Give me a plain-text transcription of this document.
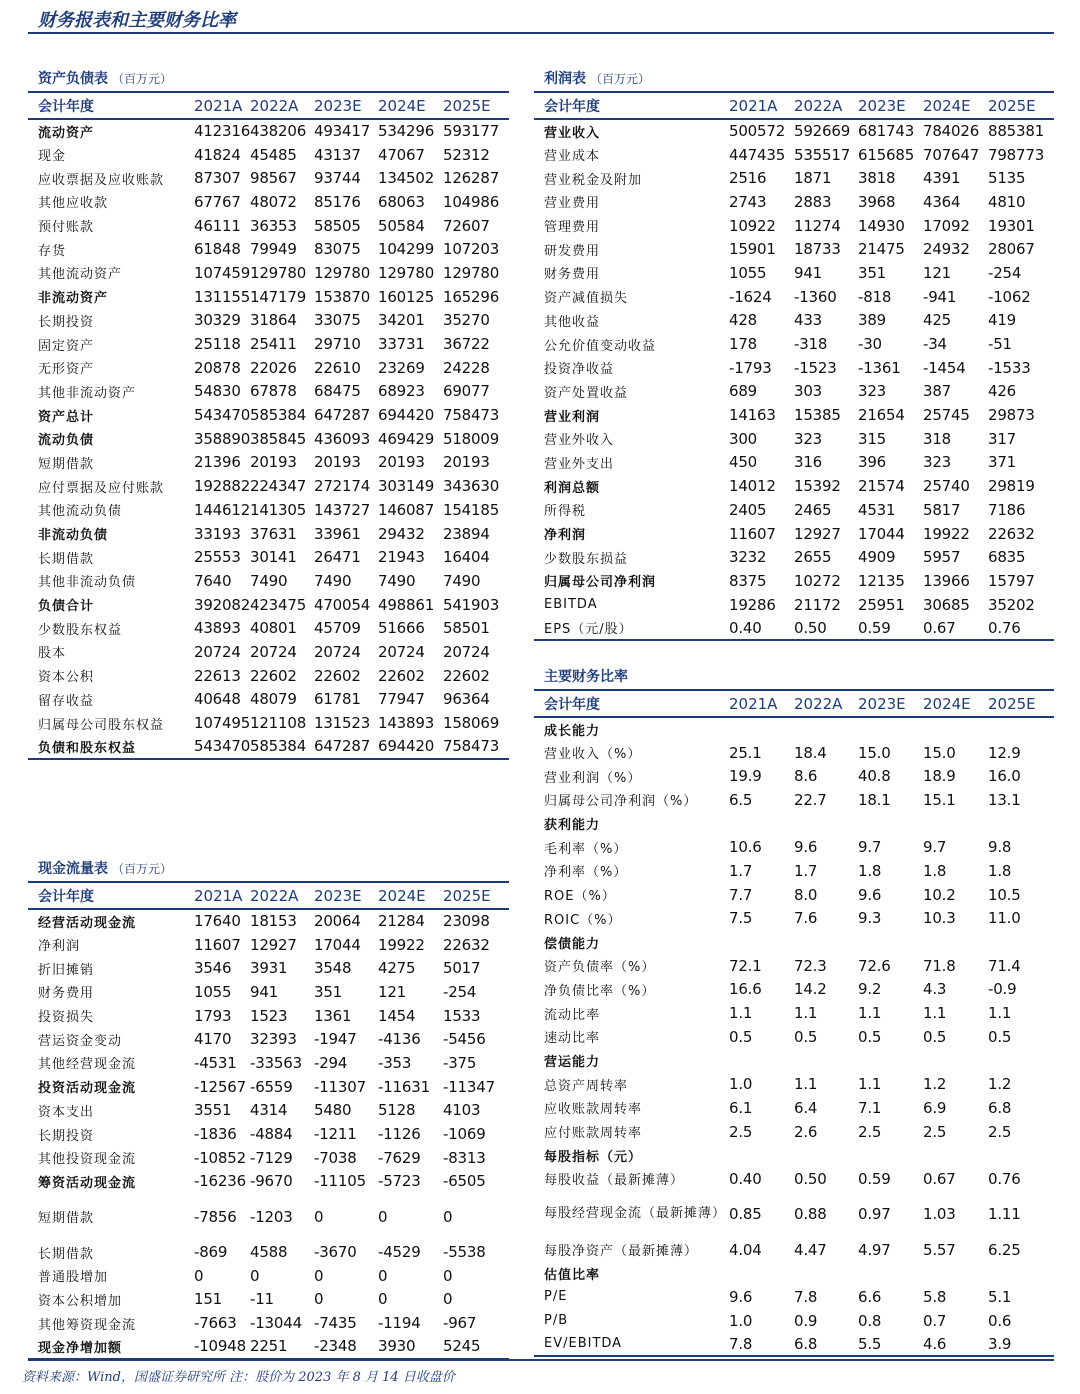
财务报表和主要财务比率
资产负债表 （百万元）
会计年度	2021A	2022A	2023E	2024E	2025E
流动资产	412316	438206	493417	534296	593177
现金	41824	45485	43137	47067	52312
应收票据及应收账款	87307	98567	93744	134502	126287
其他应收款	67767	48072	85176	68063	104986
预付账款	46111	36353	58505	50584	72607
存货	61848	79949	83075	104299	107203
其他流动资产	107459	129780	129780	129780	129780
非流动资产	131155	147179	153870	160125	165296
长期投资	30329	31864	33075	34201	35270
固定资产	25118	25411	29710	33731	36722
无形资产	20878	22026	22610	23269	24228
其他非流动资产	54830	67878	68475	68923	69077
资产总计	543470	585384	647287	694420	758473
流动负债	358890	385845	436093	469429	518009
短期借款	21396	20193	20193	20193	20193
应付票据及应付账款	192882	224347	272174	303149	343630
其他流动负债	144612	141305	143727	146087	154185
非流动负债	33193	37631	33961	29432	23894
长期借款	25553	30141	26471	21943	16404
其他非流动负债	7640	7490	7490	7490	7490
负债合计	392082	423475	470054	498861	541903
少数股东权益	43893	40801	45709	51666	58501
股本	20724	20724	20724	20724	20724
资本公积	22613	22602	22602	22602	22602
留存收益	40648	48079	61781	77947	96364
归属母公司股东权益	107495	121108	131523	143893	158069
负债和股东权益	543470	585384	647287	694420	758473
现金流量表 （百万元）
会计年度	2021A	2022A	2023E	2024E	2025E
经营活动现金流	17640	18153	20064	21284	23098
净利润	11607	12927	17044	19922	22632
折旧摊销	3546	3931	3548	4275	5017
财务费用	1055	941	351	121	-254
投资损失	1793	1523	1361	1454	1533
营运资金变动	4170	32393	-1947	-4136	-5456
其他经营现金流	-4531	-33563	-294	-353	-375
投资活动现金流	-12567	-6559	-11307	-11631	-11347
资本支出	3551	4314	5480	5128	4103
长期投资	-1836	-4884	-1211	-1126	-1069
其他投资现金流	-10852	-7129	-7038	-7629	-8313
筹资活动现金流	-16236	-9670	-11105	-5723	-6505
短期借款	-7856	-1203	0	0	0
长期借款	-869	4588	-3670	-4529	-5538
普通股增加	0	0	0	0	0
资本公积增加	151	-11	0	0	0
其他筹资现金流	-7663	-13044	-7435	-1194	-967
现金净增加额	-10948	2251	-2348	3930	5245
利润表 （百万元）
会计年度	2021A	2022A	2023E	2024E	2025E
营业收入	500572	592669	681743	784026	885381
营业成本	447435	535517	615685	707647	798773
营业税金及附加	2516	1871	3818	4391	5135
营业费用	2743	2883	3968	4364	4810
管理费用	10922	11274	14930	17092	19301
研发费用	15901	18733	21475	24932	28067
财务费用	1055	941	351	121	-254
资产减值损失	-1624	-1360	-818	-941	-1062
其他收益	428	433	389	425	419
公允价值变动收益	178	-318	-30	-34	-51
投资净收益	-1793	-1523	-1361	-1454	-1533
资产处置收益	689	303	323	387	426
营业利润	14163	15385	21654	25745	29873
营业外收入	300	323	315	318	317
营业外支出	450	316	396	323	371
利润总额	14012	15392	21574	25740	29819
所得税	2405	2465	4531	5817	7186
净利润	11607	12927	17044	19922	22632
少数股东损益	3232	2655	4909	5957	6835
归属母公司净利润	8375	10272	12135	13966	15797
EBITDA	19286	21172	25951	30685	35202
EPS（元/股）	0.40	0.50	0.59	0.67	0.76
主要财务比率
会计年度	2021A	2022A	2023E	2024E	2025E
成长能力					
营业收入（%）	25.1	18.4	15.0	15.0	12.9
营业利润（%）	19.9	8.6	40.8	18.9	16.0
归属母公司净利润（%）	6.5	22.7	18.1	15.1	13.1
获利能力					
毛利率（%）	10.6	9.6	9.7	9.7	9.8
净利率（%）	1.7	1.7	1.8	1.8	1.8
ROE（%）	7.7	8.0	9.6	10.2	10.5
ROIC（%）	7.5	7.6	9.3	10.3	11.0
偿债能力					
资产负债率（%）	72.1	72.3	72.6	71.8	71.4
净负债比率（%）	16.6	14.2	9.2	4.3	-0.9
流动比率	1.1	1.1	1.1	1.1	1.1
速动比率	0.5	0.5	0.5	0.5	0.5
营运能力					
总资产周转率	1.0	1.1	1.1	1.2	1.2
应收账款周转率	6.1	6.4	7.1	6.9	6.8
应付账款周转率	2.5	2.6	2.5	2.5	2.5
每股指标（元）					
每股收益（最新摊薄）	0.40	0.50	0.59	0.67	0.76
每股经营现金流（最新摊薄）	0.85	0.88	0.97	1.03	1.11
每股净资产（最新摊薄）	4.04	4.47	4.97	5.57	6.25
估值比率					
P/E	9.6	7.8	6.6	5.8	5.1
P/B	1.0	0.9	0.8	0.7	0.6
EV/EBITDA	7.8	6.8	5.5	4.6	3.9
资料来源：Wind，国盛证券研究所 注：股价为 2023 年 8 月 14 日收盘价
